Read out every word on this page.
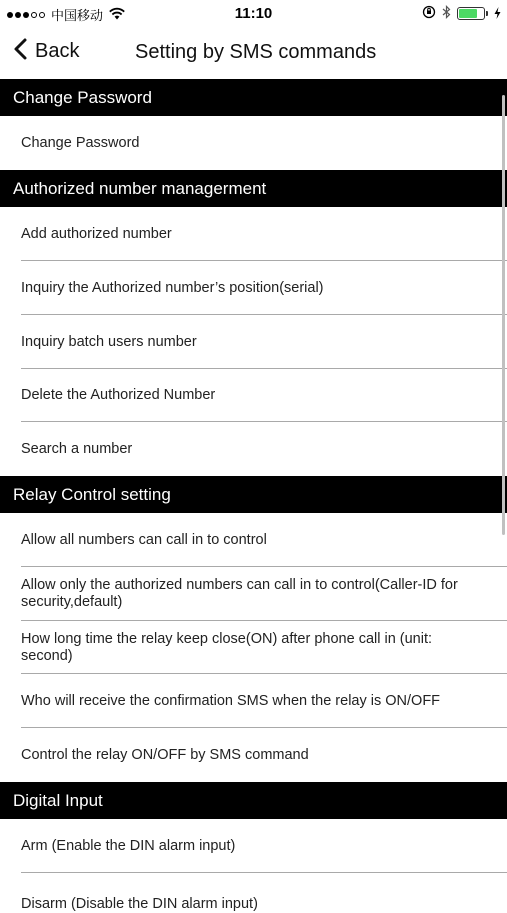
中国移动	11:10
Back	Setting by SMS commands
Change Password
Change Password
Authorized number managerment
Add authorized number
Inquiry the Authorized number’s position(serial)
Inquiry batch users number
Delete the Authorized Number
Search a number
Relay Control setting
Allow all numbers can call in to control
Allow only the authorized numbers can call in to control(Caller-ID for security,default)
How long time the relay keep close(ON) after phone call in (unit: second)
Who will receive the confirmation SMS when the relay is ON/OFF
Control the relay ON/OFF by SMS command
Digital Input
Arm (Enable the DIN alarm input)
Disarm (Disable the DIN alarm input)
